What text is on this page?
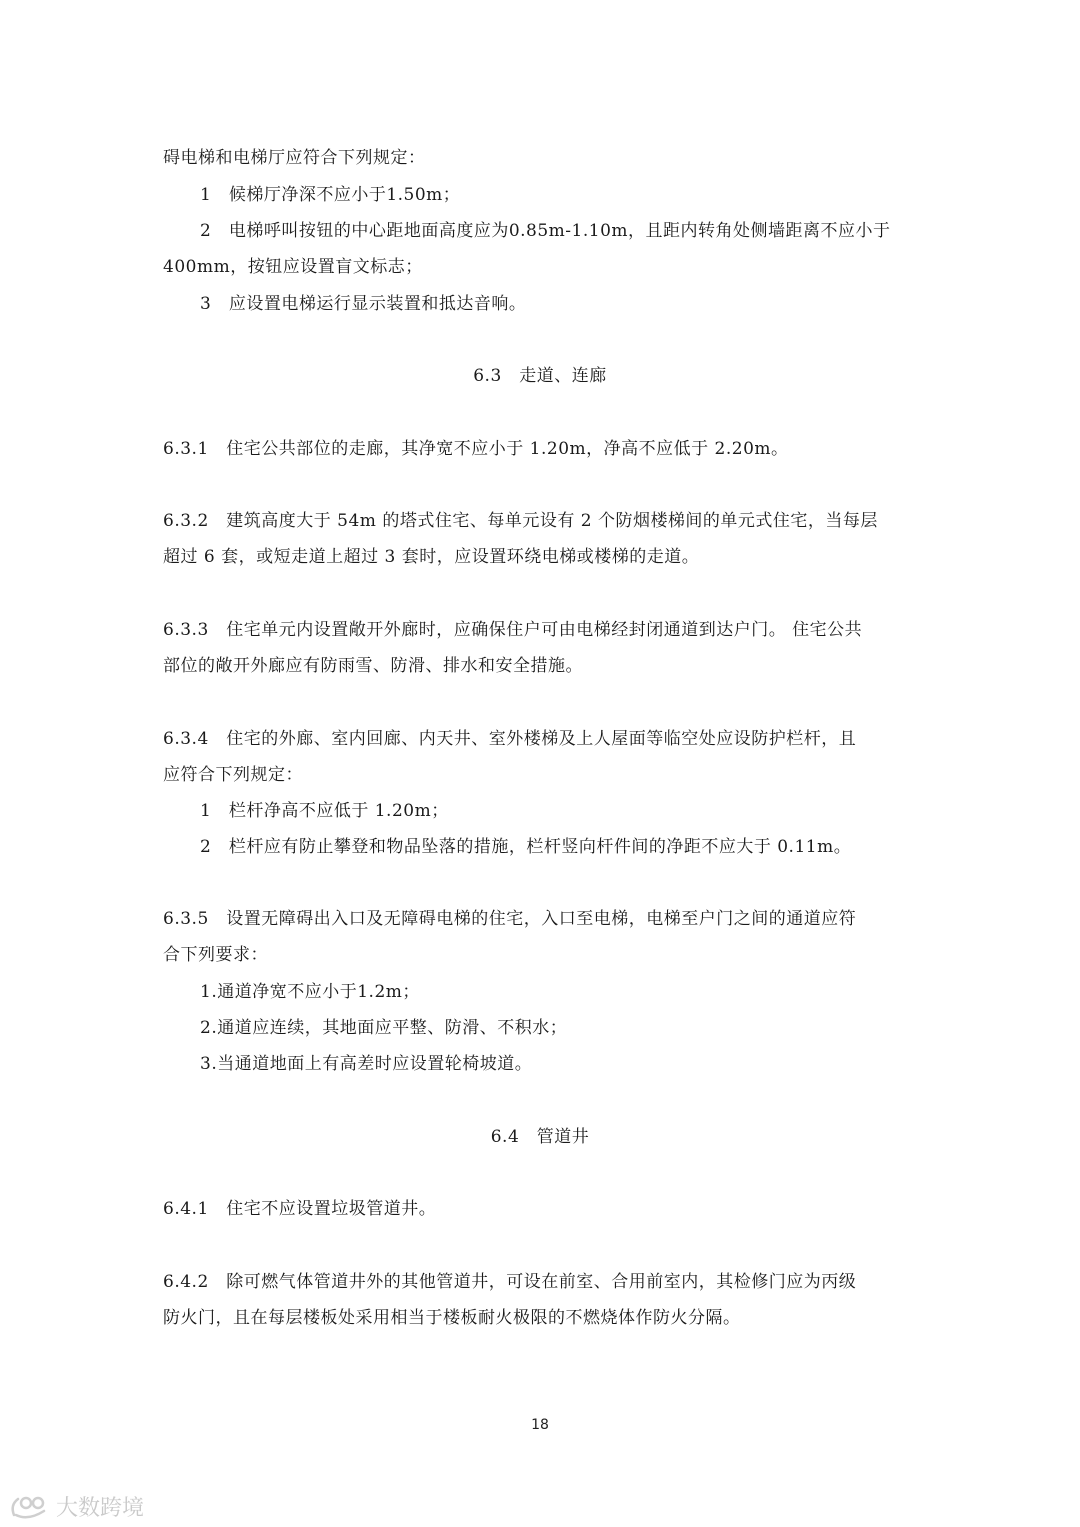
碍电梯和电梯厅应符合下列规定：
1　候梯厅净深不应小于1.50m；
2　电梯呼叫按钮的中心距地面高度应为0.85m-1.10m，且距内转角处侧墙距离不应小于
400mm，按钮应设置盲文标志；
3　应设置电梯运行显示装置和抵达音响。
6.3　走道、连廊
6.3.1　住宅公共部位的走廊，其净宽不应小于 1.20m，净高不应低于 2.20m。
6.3.2　建筑高度大于 54m 的塔式住宅、每单元设有 2 个防烟楼梯间的单元式住宅，当每层
超过 6 套，或短走道上超过 3 套时，应设置环绕电梯或楼梯的走道。
6.3.3　住宅单元内设置敞开外廊时，应确保住户可由电梯经封闭通道到达户门。 住宅公共
部位的敞开外廊应有防雨雪、防滑、排水和安全措施。
6.3.4　住宅的外廊、室内回廊、内天井、室外楼梯及上人屋面等临空处应设防护栏杆，且
应符合下列规定：
1　栏杆净高不应低于 1.20m；
2　栏杆应有防止攀登和物品坠落的措施，栏杆竖向杆件间的净距不应大于 0.11m。
6.3.5　设置无障碍出入口及无障碍电梯的住宅，入口至电梯，电梯至户门之间的通道应符
合下列要求：
1.通道净宽不应小于1.2m；
2.通道应连续，其地面应平整、防滑、不积水；
3.当通道地面上有高差时应设置轮椅坡道。
6.4　管道井
6.4.1　住宅不应设置垃圾管道井。
6.4.2　除可燃气体管道井外的其他管道井，可设在前室、合用前室内，其检修门应为丙级
防火门，且在每层楼板处采用相当于楼板耐火极限的不燃烧体作防火分隔。
18
大数跨境
